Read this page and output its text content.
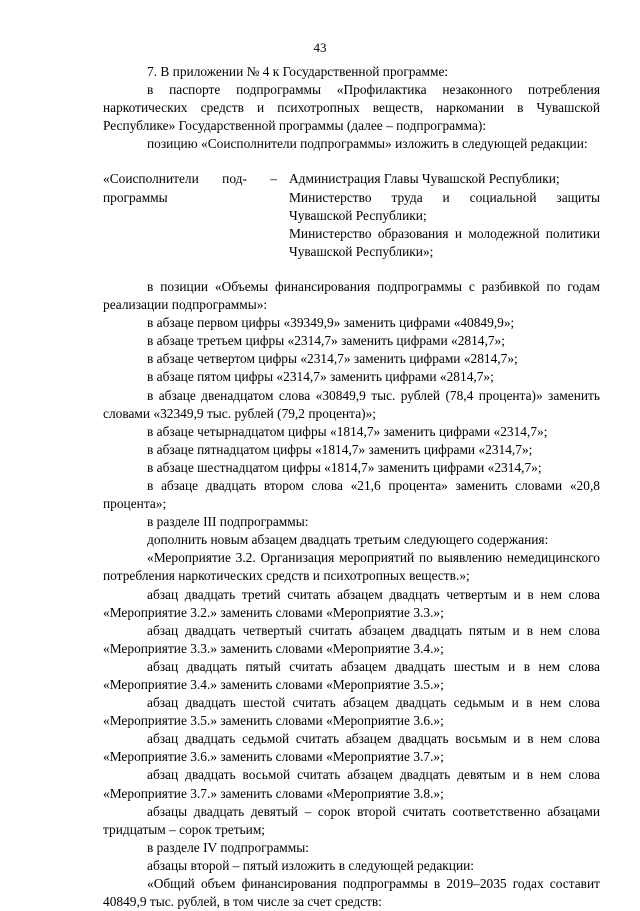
43

7. В приложении № 4 к Государственной программе:

в паспорте подпрограммы «Профилактика незаконного потребления наркотических средств и психотропных веществ, наркомании в Чувашской Республике» Государственной программы (далее – подпрограмма):

позицию «Соисполнители подпрограммы» изложить в следующей редакции:

«Соисполнители под- –

программы

Администрация Главы Чувашской Республики;

Министерство труда и социальной защиты Чувашской Республики;

Министерство образования и молодежной политики Чувашской Республики»;

в позиции «Объемы финансирования подпрограммы с разбивкой по годам реализации подпрограммы»:

в абзаце первом цифры «39349,9» заменить цифрами «40849,9»;

в абзаце третьем цифры «2314,7» заменить цифрами «2814,7»;

в абзаце четвертом цифры «2314,7» заменить цифрами «2814,7»;

в абзаце пятом цифры «2314,7» заменить цифрами «2814,7»;

в абзаце двенадцатом слова «30849,9 тыс. рублей (78,4 процента)» заменить словами «32349,9 тыс. рублей (79,2 процента)»;

в абзаце четырнадцатом цифры «1814,7» заменить цифрами «2314,7»;

в абзаце пятнадцатом цифры «1814,7» заменить цифрами «2314,7»;

в абзаце шестнадцатом цифры «1814,7» заменить цифрами «2314,7»;

в абзаце двадцать втором слова «21,6 процента» заменить словами «20,8 процента»;

в разделе III подпрограммы:

дополнить новым абзацем двадцать третьим следующего содержания:

«Мероприятие 3.2. Организация мероприятий по выявлению немедицинского потребления наркотических средств и психотропных веществ.»;

абзац двадцать третий считать абзацем двадцать четвертым и в нем слова «Мероприятие 3.2.» заменить словами «Мероприятие 3.3.»;

абзац двадцать четвертый считать абзацем двадцать пятым и в нем слова «Мероприятие 3.3.» заменить словами «Мероприятие 3.4.»;

абзац двадцать пятый считать абзацем двадцать шестым и в нем слова «Мероприятие 3.4.» заменить словами «Мероприятие 3.5.»;

абзац двадцать шестой считать абзацем двадцать седьмым и в нем слова «Мероприятие 3.5.» заменить словами «Мероприятие 3.6.»;

абзац двадцать седьмой считать абзацем двадцать восьмым и в нем слова «Мероприятие 3.6.» заменить словами «Мероприятие 3.7.»;

абзац двадцать восьмой считать абзацем двадцать девятым и в нем слова «Мероприятие 3.7.» заменить словами «Мероприятие 3.8.»;

абзацы двадцать девятый – сорок второй считать соответственно абзацами тридцатым – сорок третьим;

в разделе IV подпрограммы:

абзацы второй – пятый изложить в следующей редакции:

«Общий объем финансирования подпрограммы в 2019–2035 годах составит 40849,9 тыс. рублей, в том числе за счет средств:
